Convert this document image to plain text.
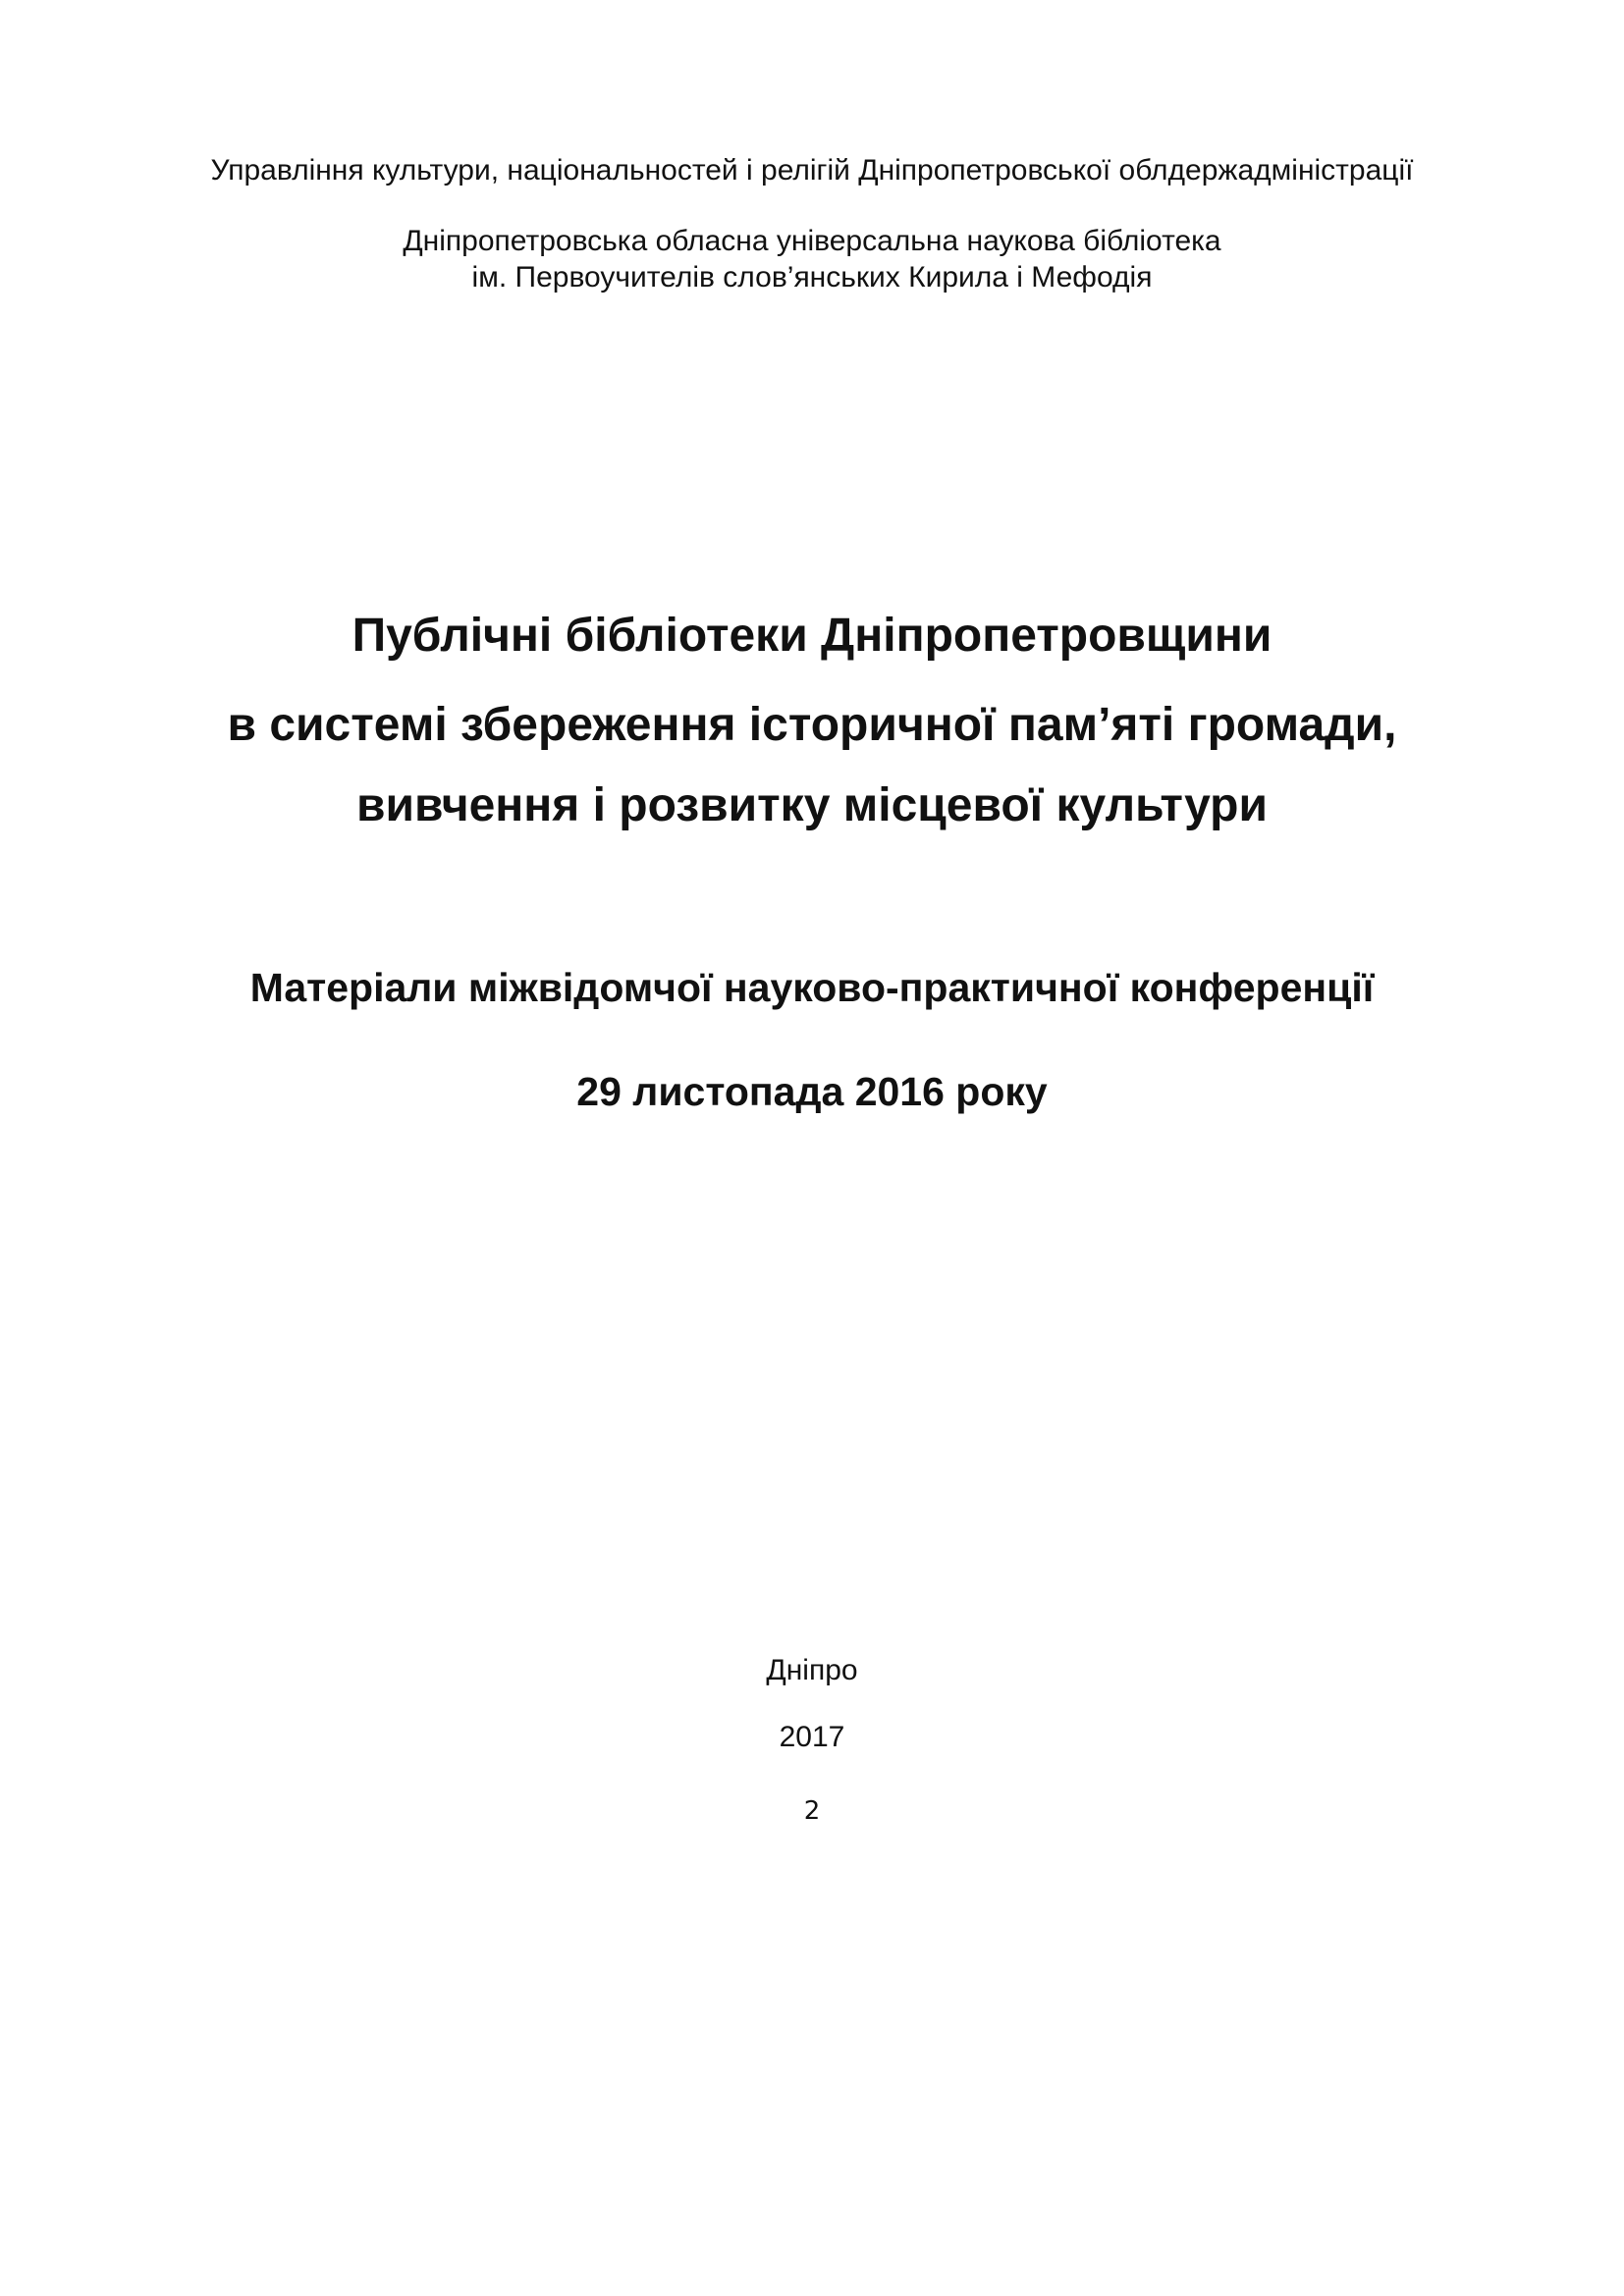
Управління культури, національностей і релігій Дніпропетровської облдержадміністрації
Дніпропетровська обласна універсальна наукова бібліотека
ім. Первоучителів слов’янських Кирила і Мефодія
Публічні бібліотеки Дніпропетровщини
в системі збереження історичної пам’яті громади,
вивчення і розвитку місцевої культури
Матеріали міжвідомчої науково-практичної конференції
29 листопада 2016 року
Дніпро
2017
2
